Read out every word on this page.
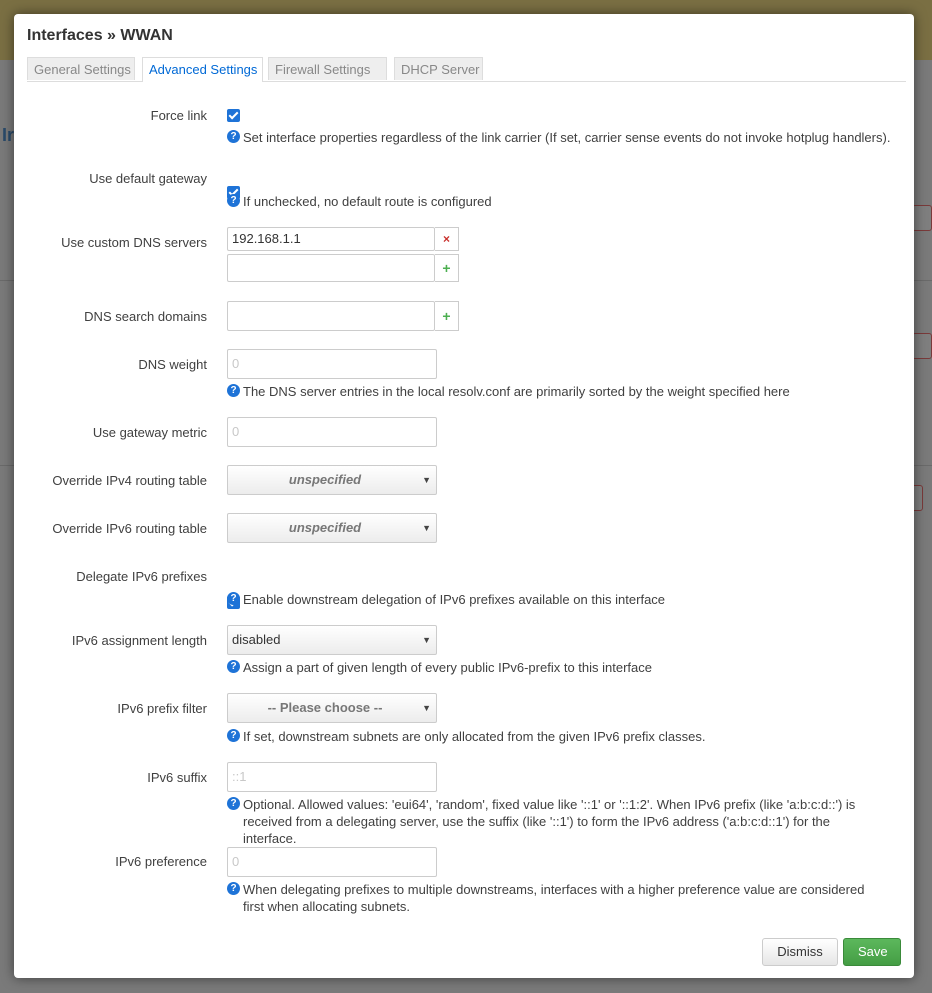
Ir
Interfaces » WWAN
General Settings	Advanced Settings	Firewall Settings	DHCP Server
Force link
? Set interface properties regardless of the link carrier (If set, carrier sense events do not invoke hotplug handlers).
Use default gateway
? If unchecked, no default route is configured
Use custom DNS servers	192.168.1.1	×
+
DNS search domains	+
DNS weight	0
? The DNS server entries in the local resolv.conf are primarily sorted by the weight specified here
Use gateway metric	0
Override IPv4 routing table	unspecified	▼
Override IPv6 routing table	unspecified	▼
Delegate IPv6 prefixes
? Enable downstream delegation of IPv6 prefixes available on this interface
IPv6 assignment length disabled	▼
? Assign a part of given length of every public IPv6-prefix to this interface
IPv6 prefix filter	-- Please choose --	▼
? If set, downstream subnets are only allocated from the given IPv6 prefix classes.
IPv6 suffix	::1
? Optional. Allowed values: 'eui64', 'random', fixed value like '::1' or '::1:2'. When IPv6 prefix (like 'a:b:c:d::') is received from a delegating server, use the suffix (like '::1') to form the IPv6 address ('a:b:c:d::1') for the interface.
IPv6 preference	0
? When delegating prefixes to multiple downstreams, interfaces with a higher preference value are considered first when allocating subnets.
Dismiss	Save
